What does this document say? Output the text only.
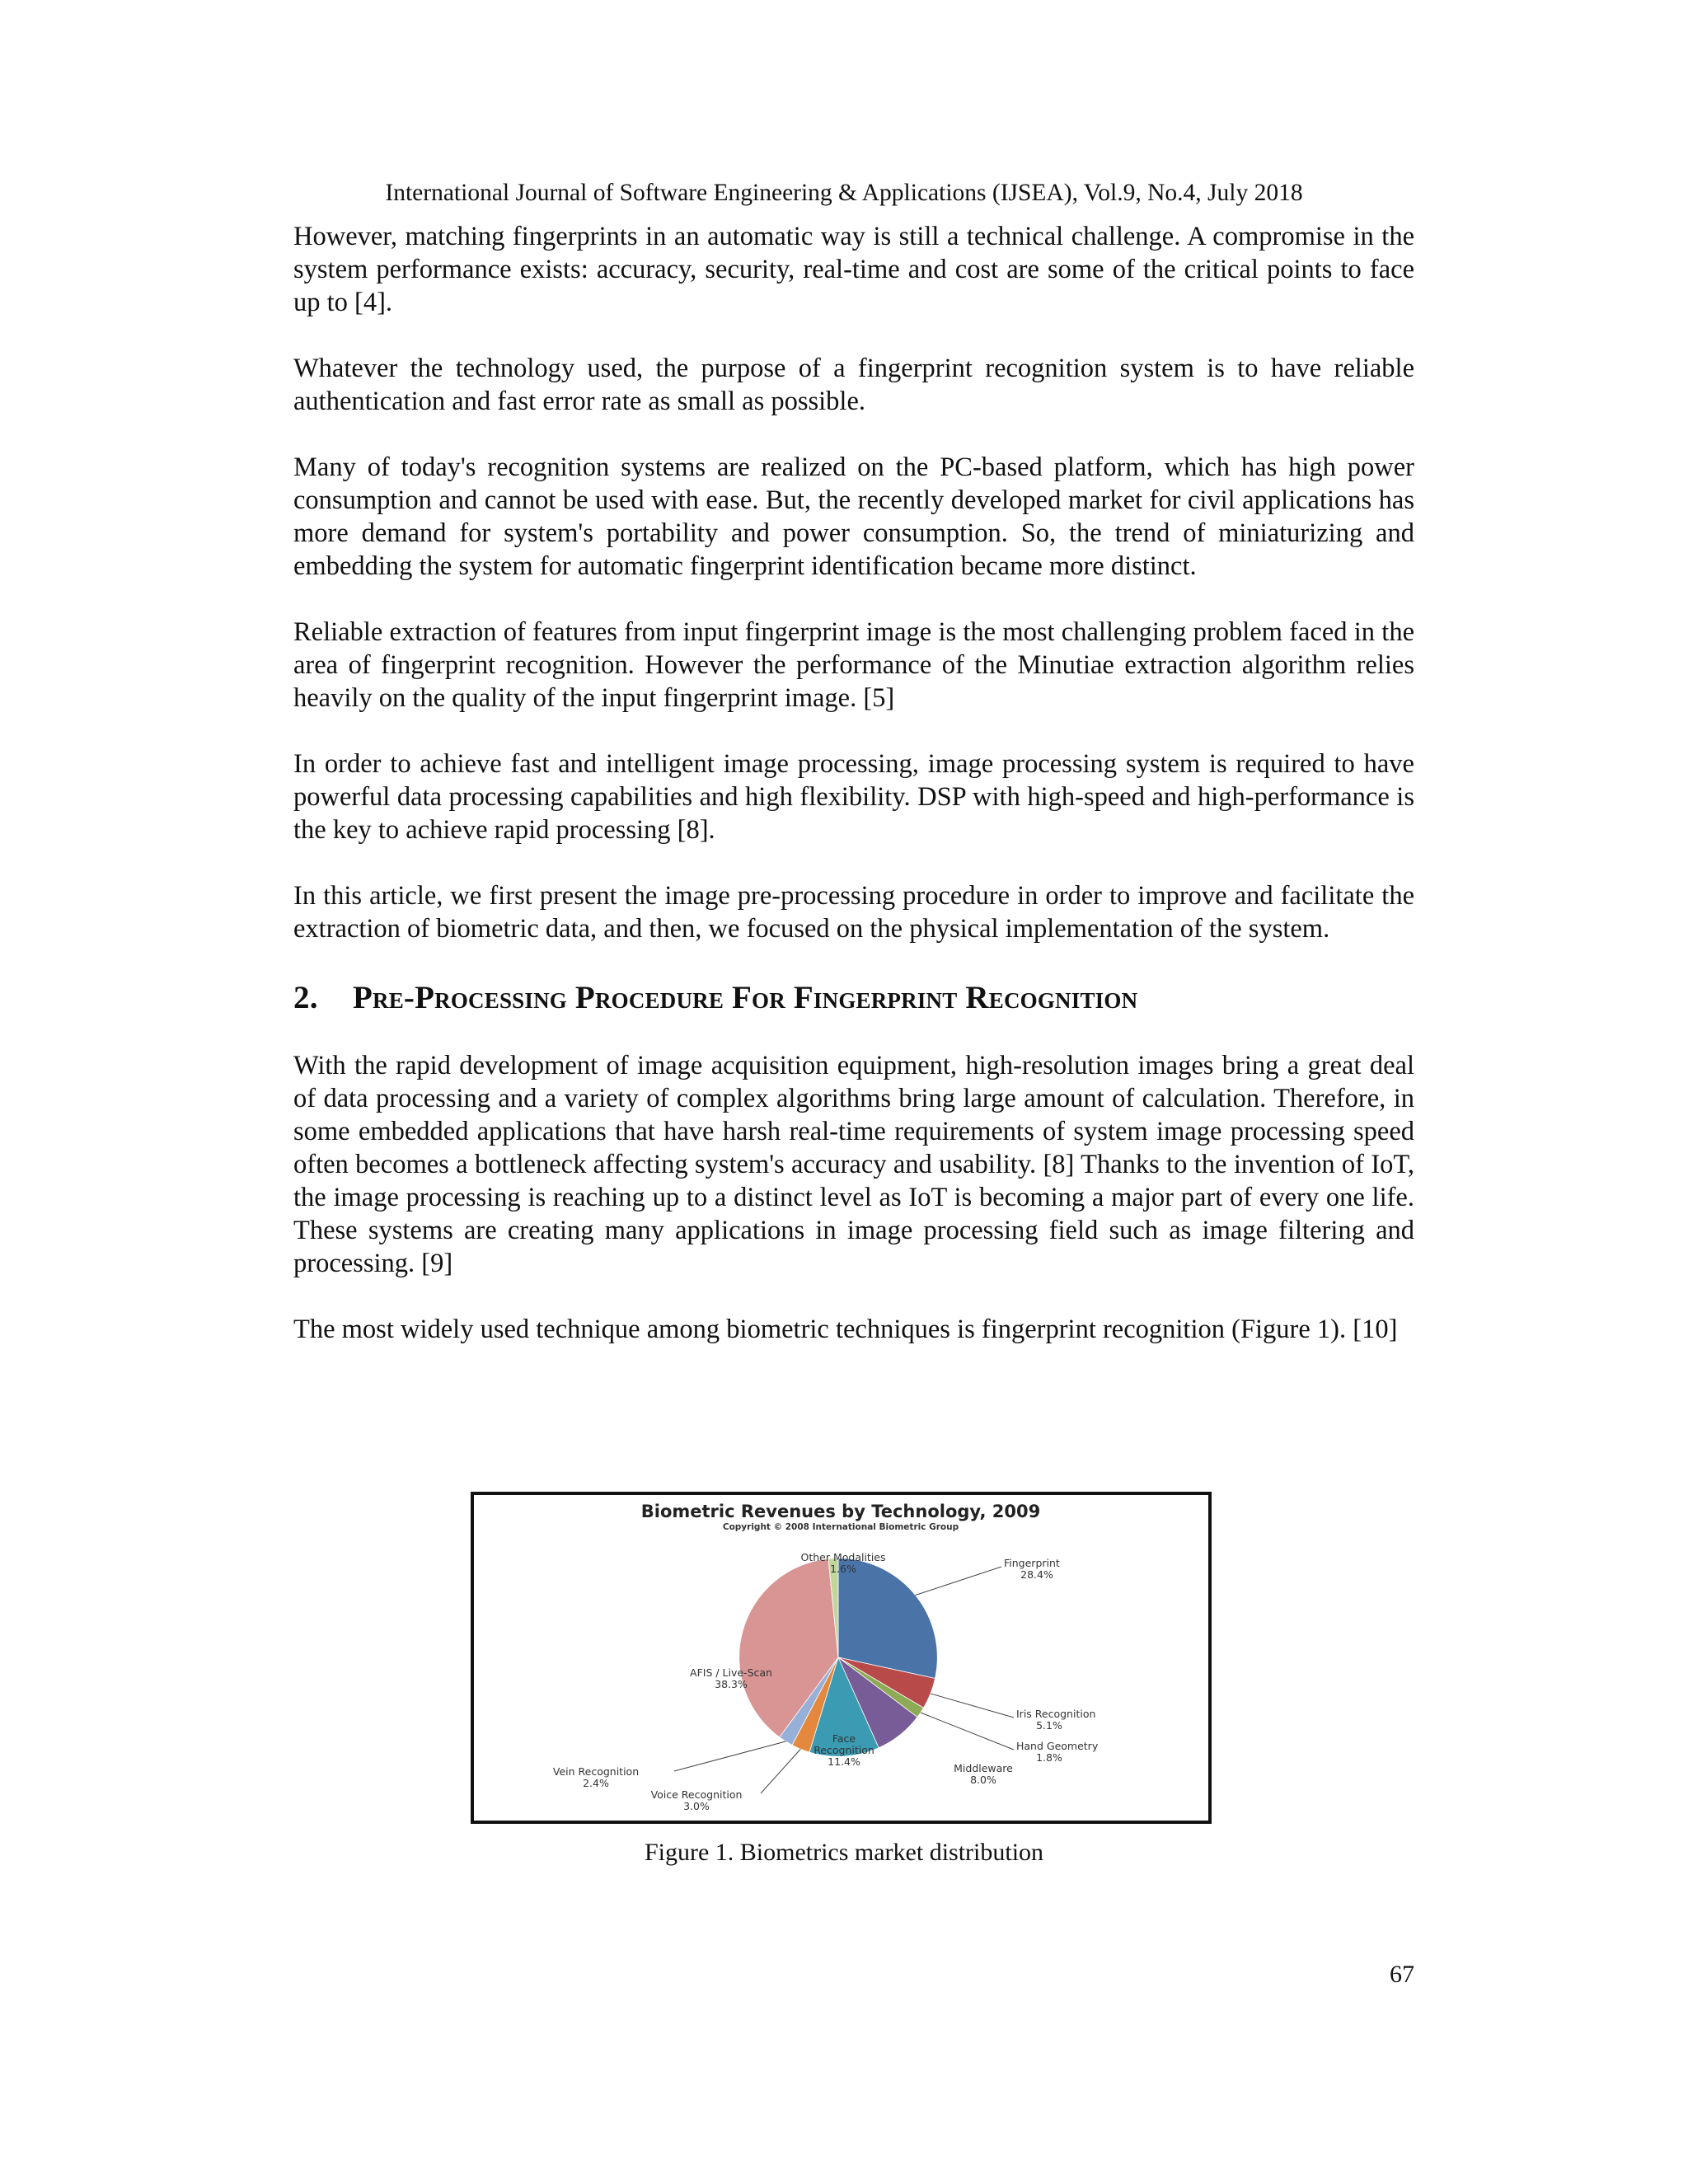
International Journal of Software Engineering & Applications (IJSEA), Vol.9, No.4, July 2018

However, matching fingerprints in an automatic way is still a technical challenge. A compromise in the system performance exists: accuracy, security, real-time and cost are some of the critical points to face up to [4].

Whatever the technology used, the purpose of a fingerprint recognition system is to have reliable authentication and fast error rate as small as possible.

Many of today's recognition systems are realized on the PC-based platform, which has high power consumption and cannot be used with ease. But, the recently developed market for civil applications has more demand for system's portability and power consumption. So, the trend of miniaturizing and embedding the system for automatic fingerprint identification became more distinct.

Reliable extraction of features from input fingerprint image is the most challenging problem faced in the area of fingerprint recognition. However the performance of the Minutiae extraction algorithm relies heavily on the quality of the input fingerprint image. [5]

In order to achieve fast and intelligent image processing, image processing system is required to have powerful data processing capabilities and high flexibility. DSP with high-speed and high-performance is the key to achieve rapid processing [8].

In this article, we first present the image pre-processing procedure in order to improve and facilitate the extraction of biometric data, and then, we focused on the physical implementation of the system.

2. Pre-Processing Procedure For Fingerprint Recognition

With the rapid development of image acquisition equipment, high-resolution images bring a great deal of data processing and a variety of complex algorithms bring large amount of calculation. Therefore, in some embedded applications that have harsh real-time requirements of system image processing speed often becomes a bottleneck affecting system's accuracy and usability. [8] Thanks to the invention of IoT, the image processing is reaching up to a distinct level as IoT is becoming a major part of every one life. These systems are creating many applications in image processing field such as image filtering and processing. [9]

The most widely used technique among biometric techniques is fingerprint recognition (Figure 1). [10]

Biometric Revenues by Technology, 2009
Copyright © 2008 International Biometric Group
Fingerprint
28.4%
Iris Recognition
5.1%
Hand Geometry
1.8%
Middleware
8.0%
Face
Recognition
11.4%
Voice Recognition
3.0%
Vein Recognition
2.4%
AFIS / Live-Scan
38.3%
Other Modalities
1.6%
Figure 1. Biometrics market distribution
67
